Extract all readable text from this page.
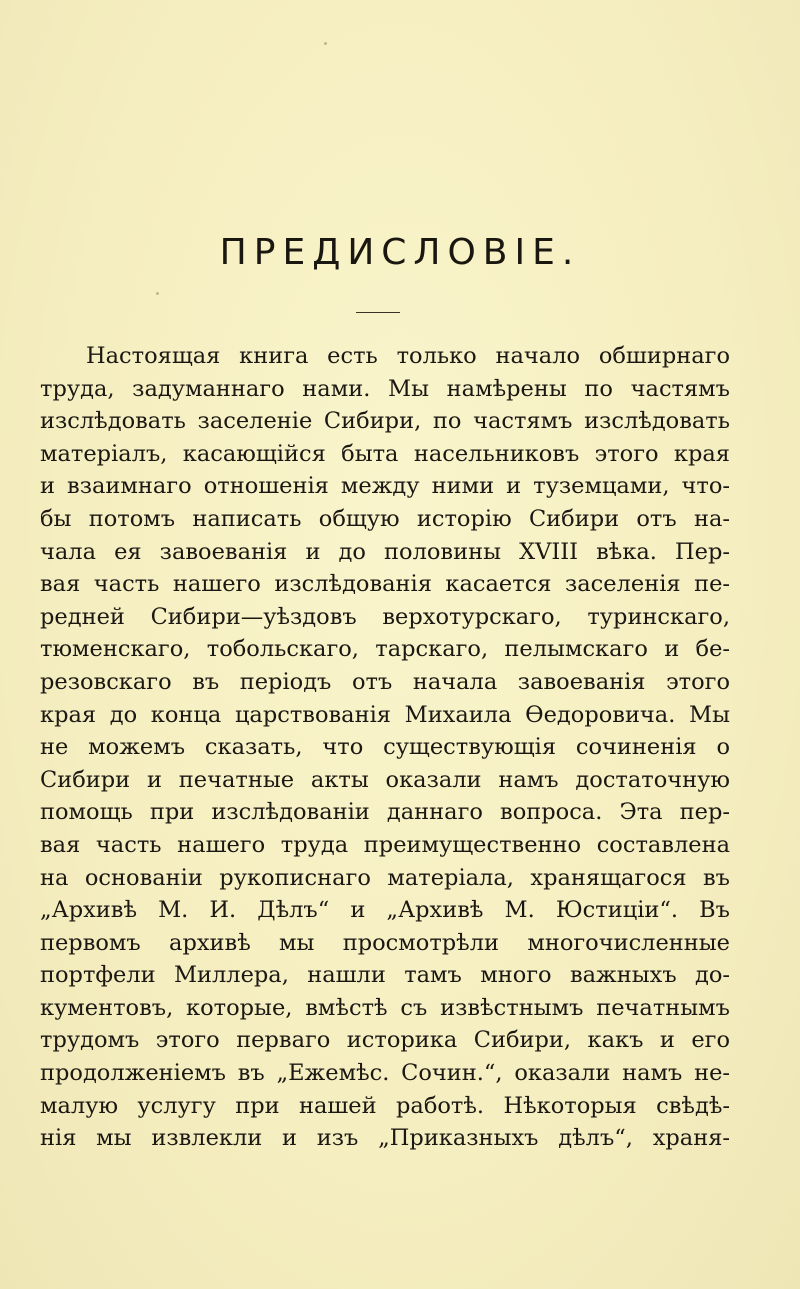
ПРЕДИСЛОВІЕ.
Настоящая книга есть только начало обширнаго
труда, задуманнаго нами. Мы намѣрены по частямъ
изслѣдовать заселеніе Сибири, по частямъ изслѣдовать
матеріалъ, касающійся быта насельниковъ этого края
и взаимнаго отношенія между ними и туземцами, что-
бы потомъ написать общую исторію Сибири отъ на-
чала ея завоеванія и до половины XVIII вѣка. Пер-
вая часть нашего изслѣдованія касается заселенія пе-
редней Сибири—уѣздовъ верхотурскаго, туринскаго,
тюменскаго, тобольскаго, тарскаго, пелымскаго и бе-
резовскаго въ періодъ отъ начала завоеванія этого
края до конца царствованія Михаила Ѳедоровича. Мы
не можемъ сказать, что существующія сочиненія о
Сибири и печатные акты оказали намъ достаточную
помощь при изслѣдованіи даннаго вопроса. Эта пер-
вая часть нашего труда преимущественно составлена
на основаніи рукописнаго матеріала, хранящагося въ
„Архивѣ М. И. Дѣлъ“ и „Архивѣ М. Юстиціи“. Въ
первомъ архивѣ мы просмотрѣли многочисленные
портфели Миллера, нашли тамъ много важныхъ до-
кументовъ, которые, вмѣстѣ съ извѣстнымъ печатнымъ
трудомъ этого перваго историка Сибири, какъ и его
продолженіемъ въ „Ежемѣс. Сочин.“, оказали намъ не-
малую услугу при нашей работѣ. Нѣкоторыя свѣдѣ-
нія мы извлекли и изъ „Приказныхъ дѣлъ“, храня-
